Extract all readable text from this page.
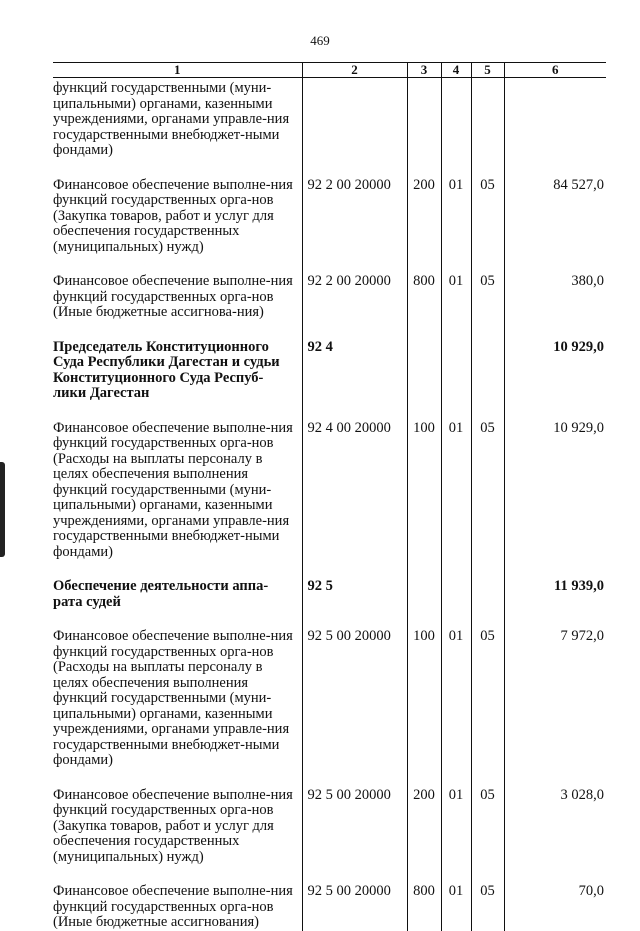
469
1	2	3	4	5	6
функций государственными (муни-ципальными) органами, казенными учреждениями, органами управле-ния государственными внебюджет-ными фондами)					

Финансовое обеспечение выполне-ния функций государственных орга-нов (Закупка товаров, работ и услуг для обеспечения государственных (муниципальных) нужд)	92 2 00 20000	200	01	05	84 527,0

Финансовое обеспечение выполне-ния функций государственных орга-нов (Иные бюджетные ассигнова-ния)	92 2 00 20000	800	01	05	380,0

Председатель Конституционного Суда Республики Дагестан и судьи Конституционного Суда Респуб-лики Дагестан	92 4				10 929,0

Финансовое обеспечение выполне-ния функций государственных орга-нов (Расходы на выплаты персоналу в целях обеспечения выполнения функций государственными (муни-ципальными) органами, казенными учреждениями, органами управле-ния государственными внебюджет-ными фондами)	92 4 00 20000	100	01	05	10 929,0

Обеспечение деятельности аппа-рата судей	92 5				11 939,0

Финансовое обеспечение выполне-ния функций государственных орга-нов (Расходы на выплаты персоналу в целях обеспечения выполнения функций государственными (муни-ципальными) органами, казенными учреждениями, органами управле-ния государственными внебюджет-ными фондами)	92 5 00 20000	100	01	05	7 972,0

Финансовое обеспечение выполне-ния функций государственных орга-нов (Закупка товаров, работ и услуг для обеспечения государственных (муниципальных) нужд)	92 5 00 20000	200	01	05	3 028,0

Финансовое обеспечение выполне-ния функций государственных орга-нов (Иные бюджетные ассигнования)	92 5 00 20000	800	01	05	70,0
